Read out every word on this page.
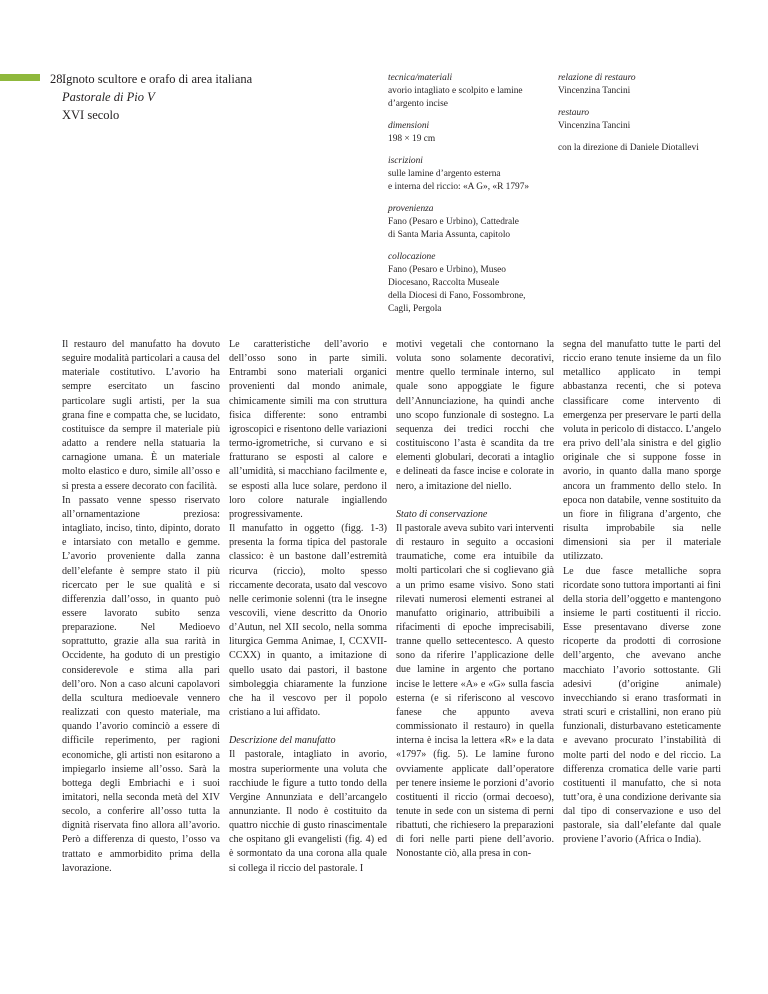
28.
Ignoto scultore e orafo di area italiana
Pastorale di Pio V
XVI secolo

tecnica/materiali

avorio intagliato e scolpito e lamine
d’argento incise

dimensioni

198 × 19 cm

iscrizioni

sulle lamine d’argento esterna
e interna del riccio: «A G», «R 1797»

provenienza

Fano (Pesaro e Urbino), Cattedrale
di Santa Maria Assunta, capitolo

collocazione

Fano (Pesaro e Urbino), Museo
Diocesano, Raccolta Museale
della Diocesi di Fano, Fossombrone,
Cagli, Pergola

relazione di restauro

Vincenzina Tancini

restauro

Vincenzina Tancini

con la direzione di Daniele Diotallevi

Il restauro del manufatto ha dovuto seguire modalità particolari a causa del materiale costitutivo. L’avorio ha sempre esercitato un fascino particolare sugli artisti, per la sua grana fine e compatta che, se lucidato, costituisce da sempre il materiale più adatto a rendere nella statuaria la carnagione umana. È un materiale molto elastico e duro, simile all’osso e si presta a essere decorato con facilità.

In passato venne spesso riservato all’ornamentazione preziosa: intagliato, inciso, tinto, dipinto, dorato e intarsiato con metallo e gemme. L’avorio proveniente dalla zanna dell’elefante è sempre stato il più ricercato per le sue qualità e si differenzia dall’osso, in quanto può essere lavorato subito senza preparazione. Nel Medioevo soprattutto, grazie alla sua rarità in Occidente, ha goduto di un prestigio considerevole e stima alla pari dell’oro. Non a caso alcuni capolavori della scultura medioevale vennero realizzati con questo materiale, ma quando l’avorio cominciò a essere di difficile reperimento, per ragioni economiche, gli artisti non esitarono a impiegarlo insieme all’osso. Sarà la bottega degli Embriachi e i suoi imitatori, nella seconda metà del XIV secolo, a conferire all’osso tutta la dignità riservata fino allora all’avorio. Però a differenza di questo, l’osso va trattato e ammorbidito prima della lavorazione.

Le caratteristiche dell’avorio e dell’osso sono in parte simili. Entrambi sono materiali organici provenienti dal mondo animale, chimicamente simili ma con struttura fisica differente: sono entrambi igroscopici e risentono delle variazioni termo-igrometriche, si curvano e si fratturano se esposti al calore e all’umidità, si macchiano facilmente e, se esposti alla luce solare, perdono il loro colore naturale ingiallendo progressivamente.

Il manufatto in oggetto (figg. 1-3) presenta la forma tipica del pastorale classico: è un bastone dall’estremità ricurva (riccio), molto spesso riccamente decorata, usato dal vescovo nelle cerimonie solenni (tra le insegne vescovili, viene descritto da Onorio d’Autun, nel XII secolo, nella somma liturgica Gemma Animae, I, CCXVII- CCXX) in quanto, a imitazione di quello usato dai pastori, il bastone simboleggia chiaramente la funzione che ha il vescovo per il popolo cristiano a lui affidato.

Descrizione del manufatto

Il pastorale, intagliato in avorio, mostra superiormente una voluta che racchiude le figure a tutto tondo della Vergine Annunziata e dell’arcangelo annunziante. Il nodo è costituito da quattro nicchie di gusto rinascimentale che ospitano gli evangelisti (fig. 4) ed è sormontato da una corona alla quale si collega il riccio del pastorale. I

motivi vegetali che contornano la voluta sono solamente decorativi, mentre quello terminale interno, sul quale sono appoggiate le figure dell’Annunciazione, ha quindi anche uno scopo funzionale di sostegno. La sequenza dei tredici rocchi che costituiscono l’asta è scandita da tre elementi globulari, decorati a intaglio e delineati da fasce incise e colorate in nero, a imitazione del niello.

Stato di conservazione

Il pastorale aveva subito vari interventi di restauro in seguito a occasioni traumatiche, come era intuibile da molti particolari che si coglievano già a un primo esame visivo. Sono stati rilevati numerosi elementi estranei al manufatto originario, attribuibili a rifacimenti di epoche imprecisabili, tranne quello settecentesco. A questo sono da riferire l’applicazione delle due lamine in argento che portano incise le lettere «A» e «G» sulla fascia esterna (e si riferiscono al vescovo fanese che appunto aveva commissionato il restauro) in quella interna è incisa la lettera «R» e la data «1797» (fig. 5). Le lamine furono ovviamente applicate dall’operatore per tenere insieme le porzioni d’avorio costituenti il riccio (ormai decoeso), tenute in sede con un sistema di perni ribattuti, che richiesero la preparazioni di fori nelle parti piene dell’avorio. Nonostante ciò, alla presa in con-

segna del manufatto tutte le parti del riccio erano tenute insieme da un filo metallico applicato in tempi abbastanza recenti, che si poteva classificare come intervento di emergenza per preservare le parti della voluta in pericolo di distacco. L’angelo era privo dell’ala sinistra e del giglio originale che si suppone fosse in avorio, in quanto dalla mano sporge ancora un frammento dello stelo. In epoca non databile, venne sostituito da un fiore in filigrana d’argento, che risulta improbabile sia nelle dimensioni sia per il materiale utilizzato.

Le due fasce metalliche sopra ricordate sono tuttora importanti ai fini della storia dell’oggetto e mantengono insieme le parti costituenti il riccio. Esse presentavano diverse zone ricoperte da prodotti di corrosione dell’argento, che avevano anche macchiato l’avorio sottostante. Gli adesivi (d’origine animale) invecchiando si erano trasformati in strati scuri e cristallini, non erano più funzionali, disturbavano esteticamente e avevano procurato l’instabilità di molte parti del nodo e del riccio. La differenza cromatica delle varie parti costituenti il manufatto, che si nota tutt’ora, è una condizione derivante sia dal tipo di conservazione e uso del pastorale, sia dall’elefante dal quale proviene l’avorio (Africa o India).
